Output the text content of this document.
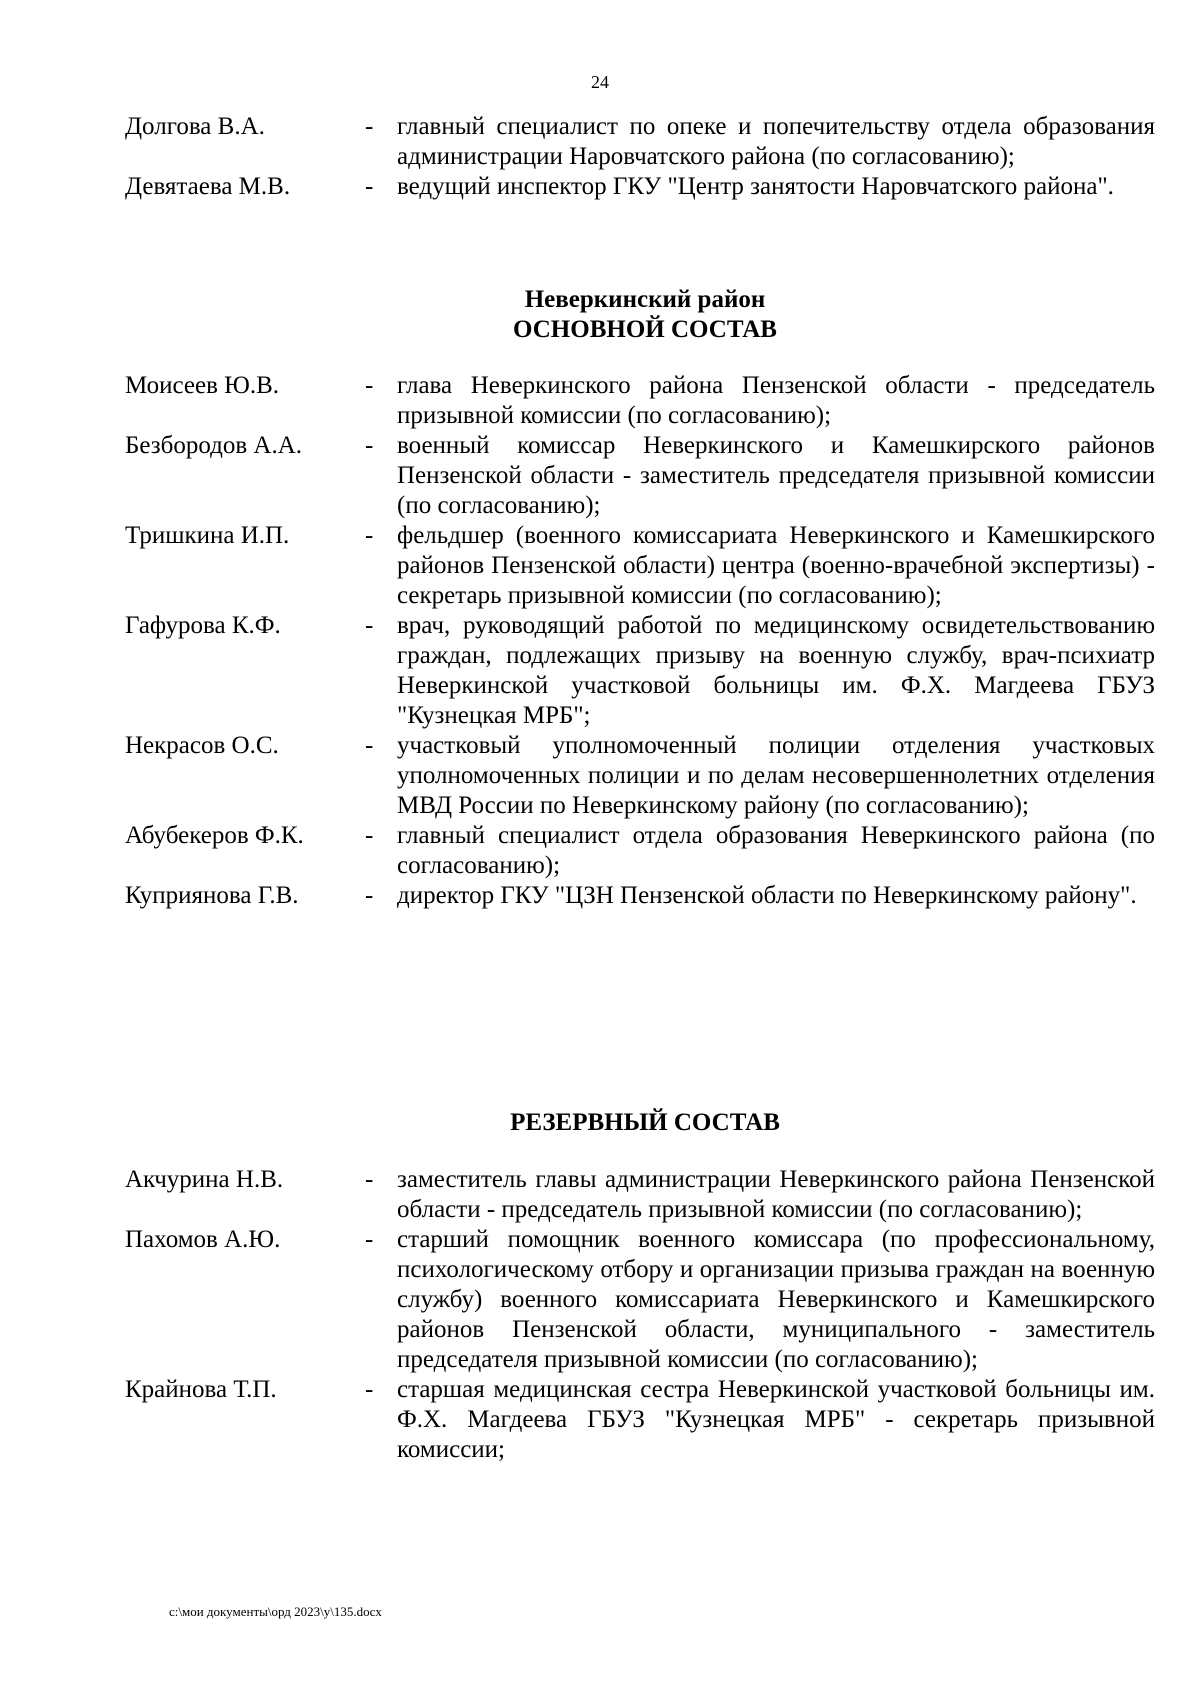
24
Долгова В.А.	- главный специалист по опеке и попечительству отдела образования администрации Наровчатского района (по согласованию);
Девятаева М.В.	- ведущий инспектор ГКУ "Центр занятости Наровчатского района".
Неверкинский район
ОСНОВНОЙ СОСТАВ
Моисеев Ю.В.	- глава Неверкинского района Пензенской области - председатель призывной комиссии (по согласованию);
Безбородов А.А.	- военный комиссар Неверкинского и Камешкирского районов Пензенской области - заместитель председателя призывной комиссии (по согласованию);
Тришкина И.П.	- фельдшер (военного комиссариата Неверкинского и Камешкирского районов Пензенской области) центра (военно-врачебной экспертизы) - секретарь призывной комиссии (по согласованию);
Гафурова К.Ф.	- врач, руководящий работой по медицинскому освидетельствованию граждан, подлежащих призыву на военную службу, врач-психиатр Неверкинской участковой больницы им. Ф.Х. Магдеева ГБУЗ "Кузнецкая МРБ";
Некрасов О.С.	- участковый уполномоченный полиции отделения участковых уполномоченных полиции и по делам несовершеннолетних отделения МВД России по Неверкинскому району (по согласованию);
Абубекеров Ф.К.	- главный специалист отдела образования Неверкинского района (по согласованию);
Куприянова Г.В.	- директор ГКУ "ЦЗН Пензенской области по Неверкинскому району".
РЕЗЕРВНЫЙ СОСТАВ
Акчурина Н.В.	- заместитель главы администрации Неверкинского района Пензенской области - председатель призывной комиссии (по согласованию);
Пахомов А.Ю.	- старший помощник военного комиссара (по профессиональному, психологическому отбору и организации призыва граждан на военную службу) военного комиссариата Неверкинского и Камешкирского районов Пензенской области, муниципального - заместитель председателя призывной комиссии (по согласованию);
Крайнова Т.П.	- старшая медицинская сестра Неверкинской участковой больницы им. Ф.Х. Магдеева ГБУЗ "Кузнецкая МРБ" - секретарь призывной комиссии;
c:\мои документы\орд 2023\у\135.docx
